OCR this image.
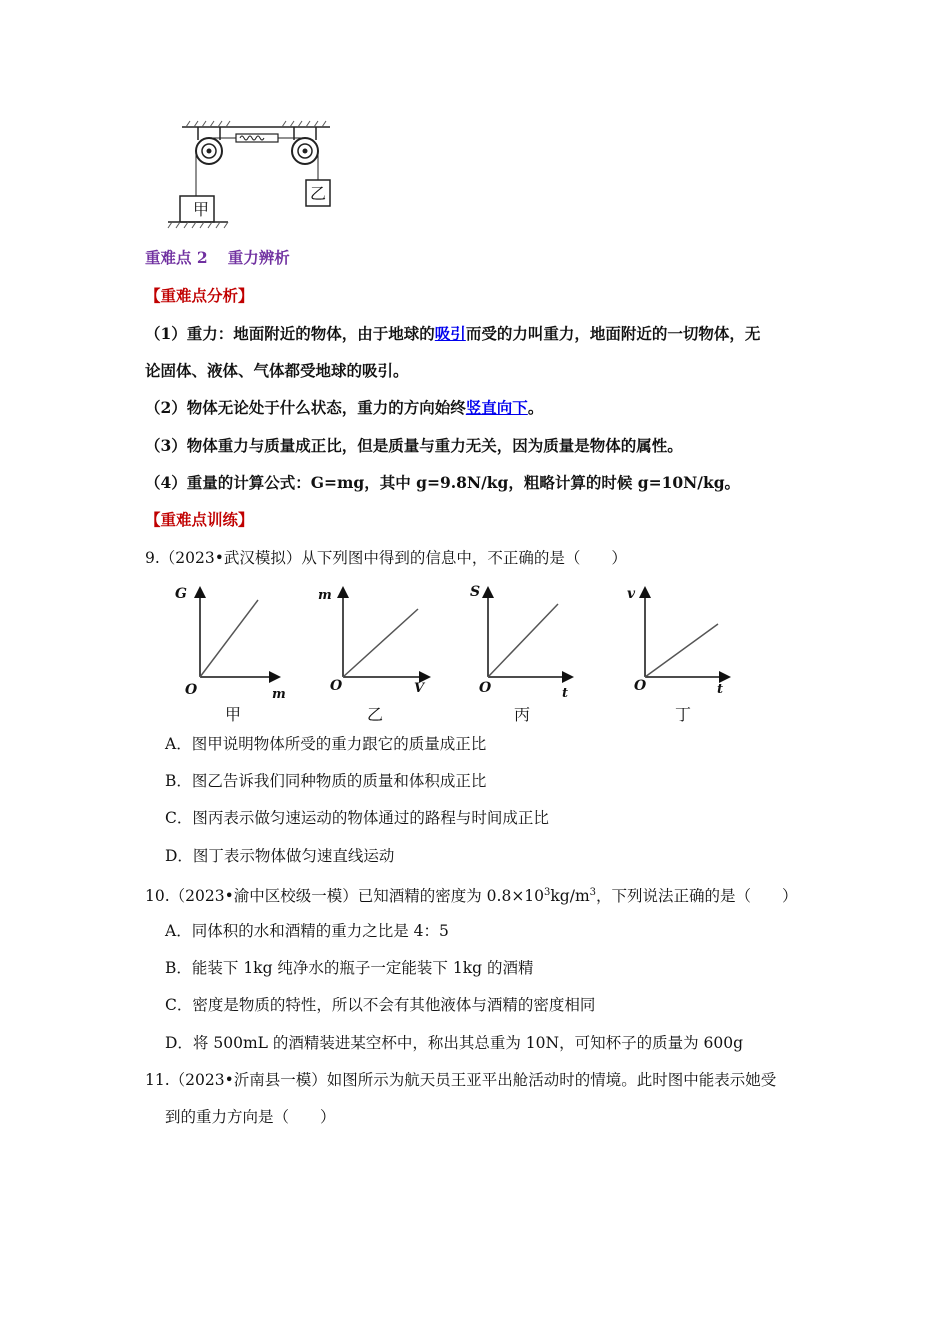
甲
乙
重难点 2 重力辨析
【重难点分析】
（1）重力：地面附近的物体，由于地球的吸引而受的力叫重力，地面附近的一切物体，无
论固体、液体、气体都受地球的吸引。
（2）物体无论处于什么状态，重力的方向始终竖直向下。
（3）物体重力与质量成正比，但是质量与重力无关，因为质量是物体的属性。
（4）重量的计算公式：G=mg，其中 g=9.8N/kg，粗略计算的时候 g=10N/kg。
【重难点训练】
9.（2023•武汉模拟）从下列图中得到的信息中，不正确的是（　　）
G
O	m
甲
m
O	V
乙
S
O	t
丙
v
O	t
丁
A．图甲说明物体所受的重力跟它的质量成正比
B．图乙告诉我们同种物质的质量和体积成正比
C．图丙表示做匀速运动的物体通过的路程与时间成正比
D．图丁表示物体做匀速直线运动
10.（2023•渝中区校级一模）已知酒精的密度为 $0.8\times 10^3kg/m^3$，下列说法正确的是（　　）
A．同体积的水和酒精的重力之比是 4：5
B．能装下 1kg 纯净水的瓶子一定能装下 1kg 的酒精
C．密度是物质的特性，所以不会有其他液体与酒精的密度相同
D．将 500mL 的酒精装进某空杯中，称出其总重为 10N，可知杯子的质量为 600g
11.（2023•沂南县一模）如图所示为航天员王亚平出舱活动时的情境。此时图中能表示她受
到的重力方向是（　　）
